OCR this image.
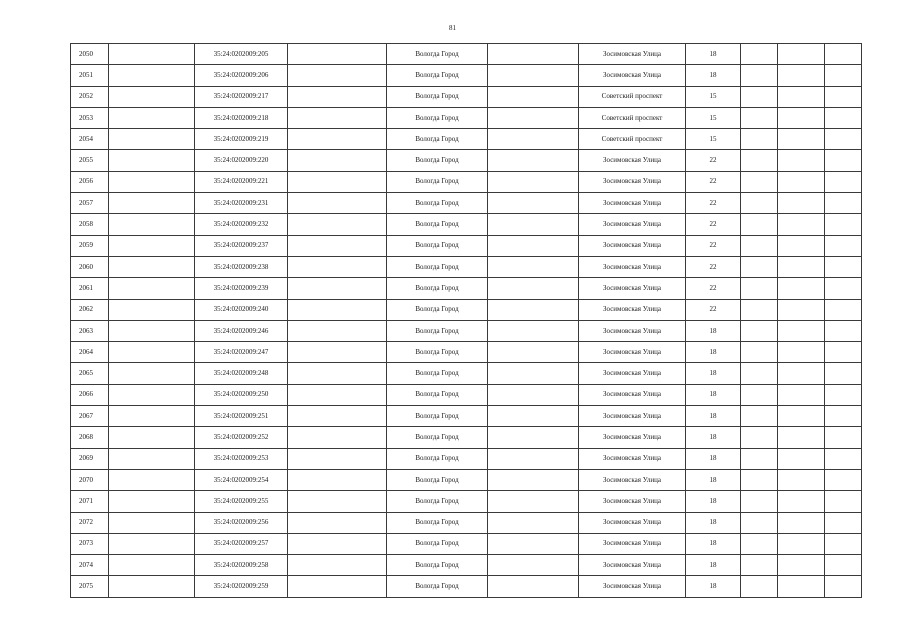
81
2050		35:24:0202009:205		Вологда Город		Зосимовская Улица	18			
2051		35:24:0202009:206		Вологда Город		Зосимовская Улица	18			
2052		35:24:0202009:217		Вологда Город		Советский проспект	15			
2053		35:24:0202009:218		Вологда Город		Советский проспект	15			
2054		35:24:0202009:219		Вологда Город		Советский проспект	15			
2055		35:24:0202009:220		Вологда Город		Зосимовская Улица	22			
2056		35:24:0202009:221		Вологда Город		Зосимовская Улица	22			
2057		35:24:0202009:231		Вологда Город		Зосимовская Улица	22			
2058		35:24:0202009:232		Вологда Город		Зосимовская Улица	22			
2059		35:24:0202009:237		Вологда Город		Зосимовская Улица	22			
2060		35:24:0202009:238		Вологда Город		Зосимовская Улица	22			
2061		35:24:0202009:239		Вологда Город		Зосимовская Улица	22			
2062		35:24:0202009:240		Вологда Город		Зосимовская Улица	22			
2063		35:24:0202009:246		Вологда Город		Зосимовская Улица	18			
2064		35:24:0202009:247		Вологда Город		Зосимовская Улица	18			
2065		35:24:0202009:248		Вологда Город		Зосимовская Улица	18			
2066		35:24:0202009:250		Вологда Город		Зосимовская Улица	18			
2067		35:24:0202009:251		Вологда Город		Зосимовская Улица	18			
2068		35:24:0202009:252		Вологда Город		Зосимовская Улица	18			
2069		35:24:0202009:253		Вологда Город		Зосимовская Улица	18			
2070		35:24:0202009:254		Вологда Город		Зосимовская Улица	18			
2071		35:24:0202009:255		Вологда Город		Зосимовская Улица	18			
2072		35:24:0202009:256		Вологда Город		Зосимовская Улица	18			
2073		35:24:0202009:257		Вологда Город		Зосимовская Улица	18			
2074		35:24:0202009:258		Вологда Город		Зосимовская Улица	18			
2075		35:24:0202009:259		Вологда Город		Зосимовская Улица	18			
